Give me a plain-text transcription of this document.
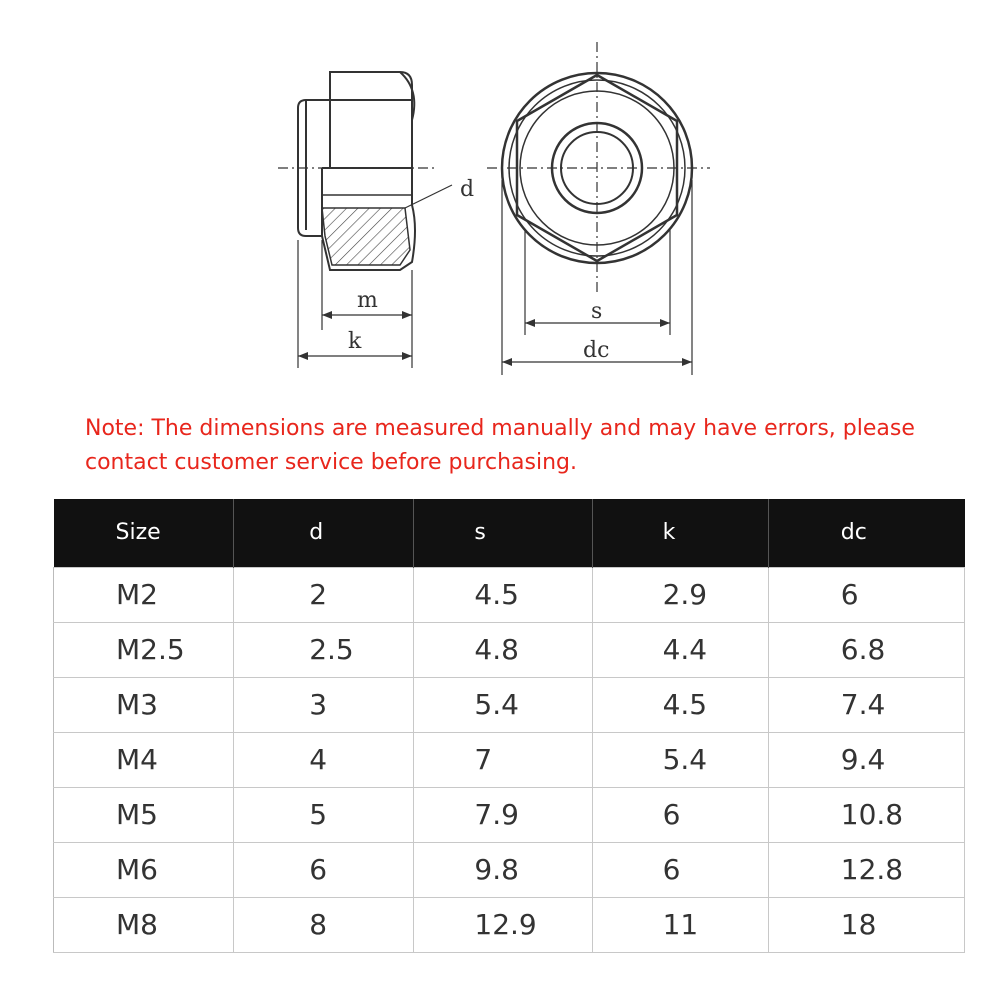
d
m
k
s
dc
Note: The dimensions are measured manually and may have errors, please contact customer service before purchasing.
Size	d	s	k	dc
M2	2	4.5	2.9	6
M2.5	2.5	4.8	4.4	6.8
M3	3	5.4	4.5	7.4
M4	4	7	5.4	9.4
M5	5	7.9	6	10.8
M6	6	9.8	6	12.8
M8	8	12.9	11	18
